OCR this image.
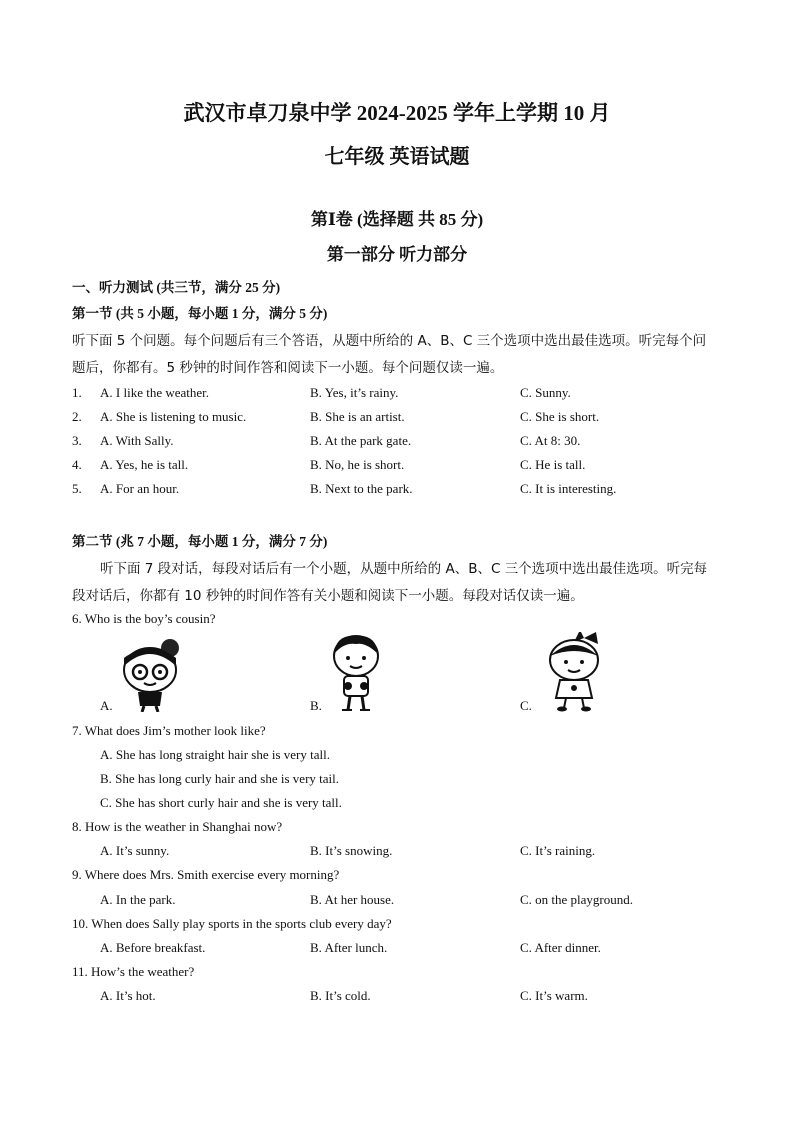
武汉市卓刀泉中学 2024-2025 学年上学期 10 月
七年级 英语试题
第Ⅰ卷 (选择题 共 85 分)
第一部分 听力部分
一、听力测试 (共三节，满分 25 分)
第一节 (共 5 小题，每小题 1 分，满分 5 分)
听下面 5 个问题。每个问题后有三个答语，从题中所给的 A、B、C 三个选项中选出最佳选项。听完每个问
题后，你都有。5 秒钟的时间作答和阅读下一小题。每个问题仅读一遍。
1. A. I like the weather.	B. Yes, it’s rainy.	C. Sunny.
2. A. She is listening to music.	B. She is an artist.	C. She is short.
3. A. With Sally.	B. At the park gate.	C. At 8: 30.
4. A. Yes, he is tall.	B. No, he is short.	C. He is tall.
5. A. For an hour.	B. Next to the park.	C. It is interesting.
第二节 (兆 7 小题，每小题 1 分，满分 7 分)
听下面 7 段对话，每段对话后有一个小题，从题中所给的 A、B、C 三个选项中选出最佳选项。听完每
段对话后，你都有 10 秒钟的时间作答有关小题和阅读下一小题。每段对话仅读一遍。
6. Who is the boy’s cousin?
A.	B.	C.
7. What does Jim’s mother look like?
A. She has long straight hair she is very tall.
B. She has long curly hair and she is very tail.
C. She has short curly hair and she is very tall.
8. How is the weather in Shanghai now?
A. It’s sunny.	B. It’s snowing.	C. It’s raining.
9. Where does Mrs. Smith exercise every morning?
A. In the park.	B. At her house.	C. on the playground.
10. When does Sally play sports in the sports club every day?
A. Before breakfast.	B. After lunch.	C. After dinner.
11. How’s the weather?
A. It’s hot.	B. It’s cold.	C. It’s warm.
